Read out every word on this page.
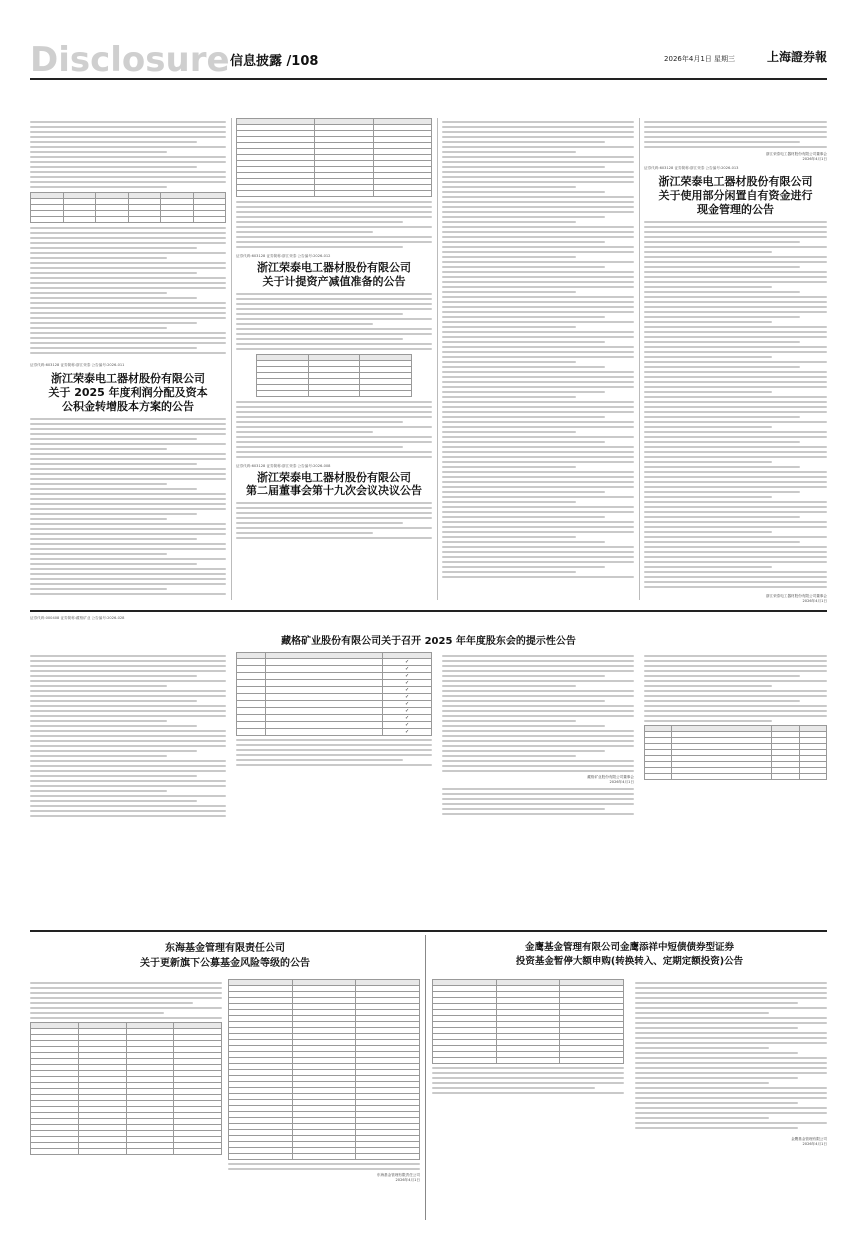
Disclosure 信息披露 /108	2026年4月1日 星期三	上海證券報

证券代码:603128 证券简称:浙江荣泰 公告编号:2026-011
浙江荣泰电工器材股份有限公司
关于 2025 年度利润分配及资本
公积金转增股本方案的公告

证券代码:603128 证券简称:浙江荣泰 公告编号:2026-012
浙江荣泰电工器材股份有限公司
关于计提资产减值准备的公告

证券代码:603128 证券简称:浙江荣泰 公告编号:2026-008
浙江荣泰电工器材股份有限公司
第二届董事会第十九次会议决议公告
浙江荣泰电工器材股份有限公司董事会
2026年4月1日
证券代码:603128 证券简称:浙江荣泰 公告编号:2026-013
浙江荣泰电工器材股份有限公司
关于使用部分闲置自有资金进行
现金管理的公告
浙江荣泰电工器材股份有限公司董事会
2026年4月1日
证券代码:000408 证券简称:藏格矿业 公告编号:2026-028
藏格矿业股份有限公司关于召开 2025 年年度股东会的提示性公告

		✓
		✓
		✓
		✓
		✓
		✓
		✓
		✓
		✓
		✓
		✓
藏格矿业股份有限公司董事会
2026年4月1日

东海基金管理有限责任公司
关于更新旗下公募基金风险等级的公告

东海基金管理有限责任公司
2026年4月1日
金鹰基金管理有限公司金鹰添祥中短债债券型证券
投资基金暂停大额申购(转换转入、定期定额投资)公告

金鹰基金管理有限公司
2026年4月1日
